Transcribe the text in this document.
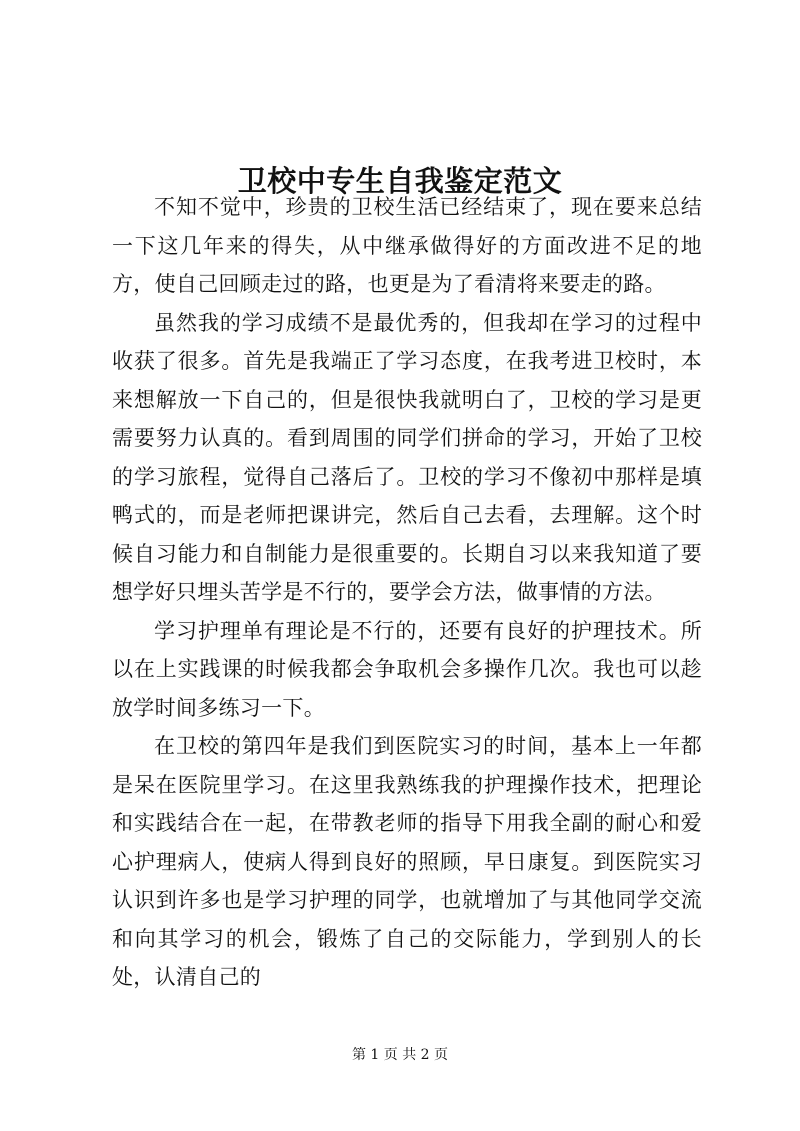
卫校中专生自我鉴定范文

不知不觉中，珍贵的卫校生活已经结束了，现在要来总结一下这几年来的得失，从中继承做得好的方面改进不足的地方，使自己回顾走过的路，也更是为了看清将来要走的路。

虽然我的学习成绩不是最优秀的，但我却在学习的过程中收获了很多。首先是我端正了学习态度，在我考进卫校时，本来想解放一下自己的，但是很快我就明白了，卫校的学习是更需要努力认真的。看到周围的同学们拼命的学习，开始了卫校的学习旅程，觉得自己落后了。卫校的学习不像初中那样是填鸭式的，而是老师把课讲完，然后自己去看，去理解。这个时候自习能力和自制能力是很重要的。长期自习以来我知道了要想学好只埋头苦学是不行的，要学会方法，做事情的方法。

学习护理单有理论是不行的，还要有良好的护理技术。所以在上实践课的时候我都会争取机会多操作几次。我也可以趁放学时间多练习一下。

在卫校的第四年是我们到医院实习的时间，基本上一年都是呆在医院里学习。在这里我熟练我的护理操作技术，把理论和实践结合在一起，在带教老师的指导下用我全副的耐心和爱心护理病人，使病人得到良好的照顾，早日康复。到医院实习认识到许多也是学习护理的同学，也就增加了与其他同学交流和向其学习的机会，锻炼了自己的交际能力，学到别人的长处，认清自己的

第 1 页 共 2 页
